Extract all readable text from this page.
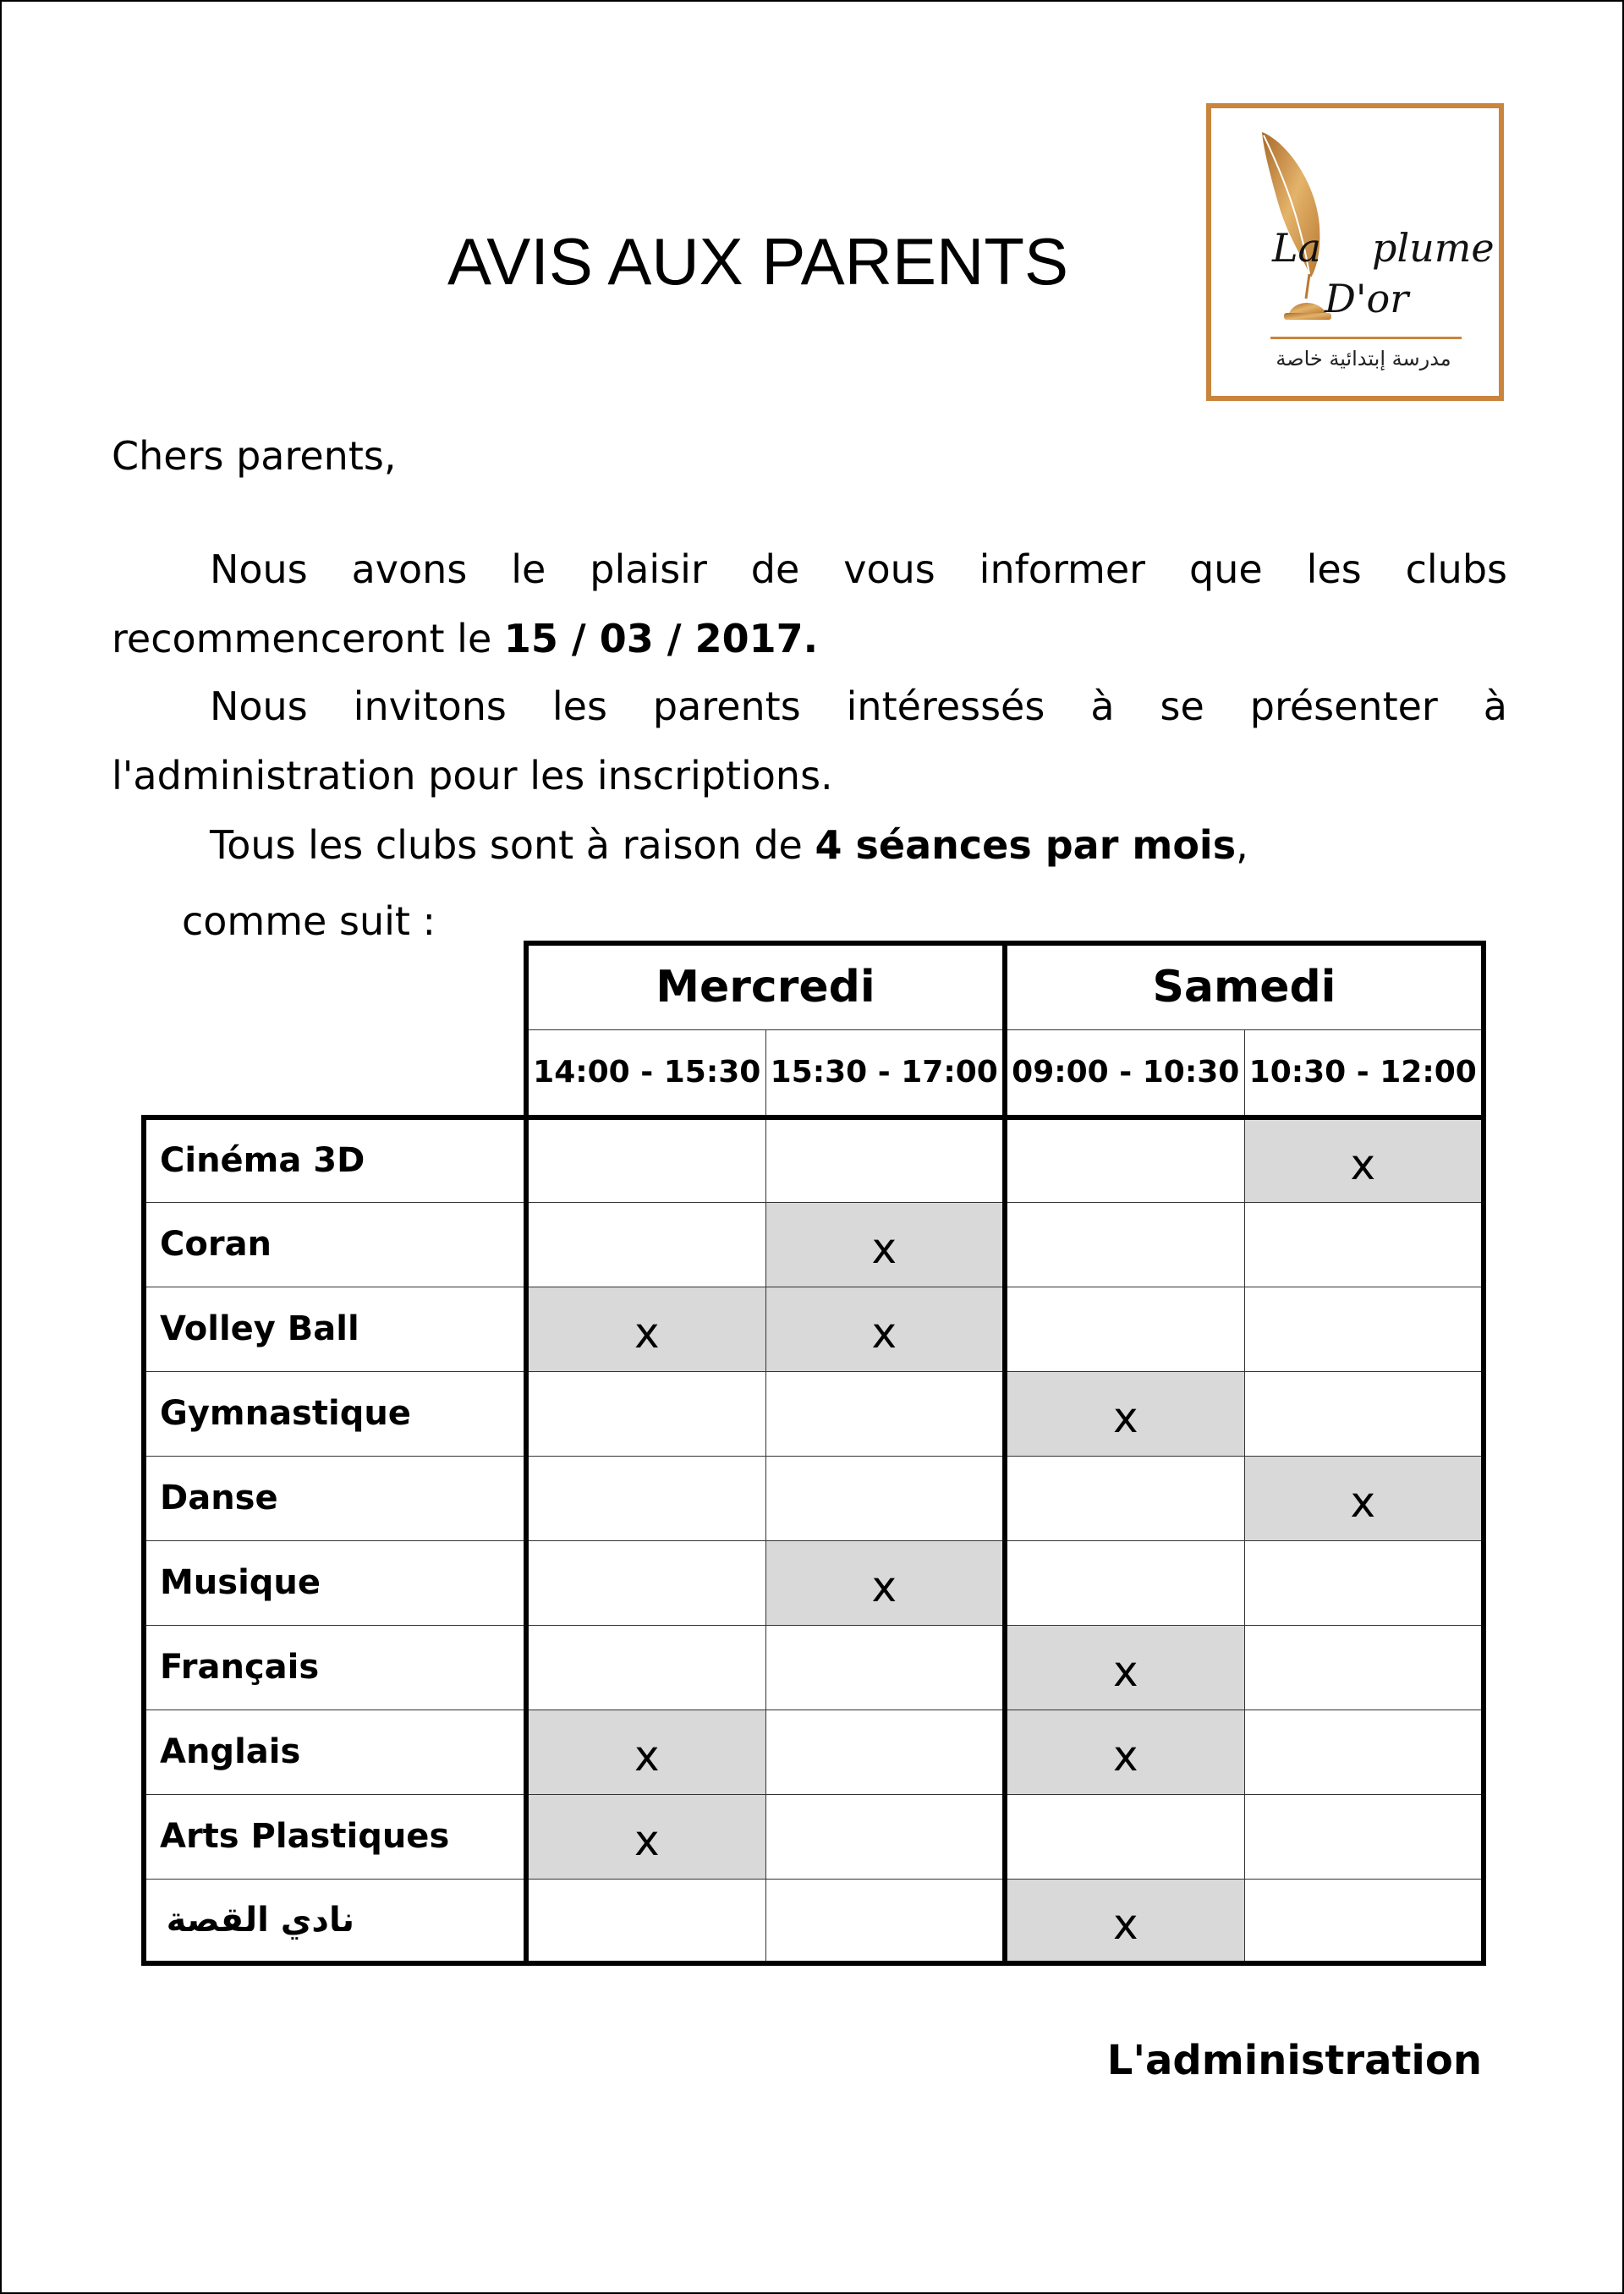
AVIS AUX PARENTS	La plume
D'or
مدرسة إبتدائية خاصة

Chers parents,

Nous avons le plaisir de vous informer que les clubs recommenceront le 15 / 03 / 2017.

Nous invitons les parents intéressés à se présenter à l'administration pour les inscriptions.

Tous les clubs sont à raison de 4 séances par mois,

comme suit :

	Mercredi		Samedi	
	14:00 - 15:30	15:30 - 17:00	09:00 - 10:30	10:30 - 12:00
Cinéma 3D				x
Coran		x		
Volley Ball	x	x		
Gymnastique			x	
Danse				x
Musique		x		
Français			x	
Anglais	x		x	
Arts Plastiques	x			
نادي القصة			x	

L'administration
